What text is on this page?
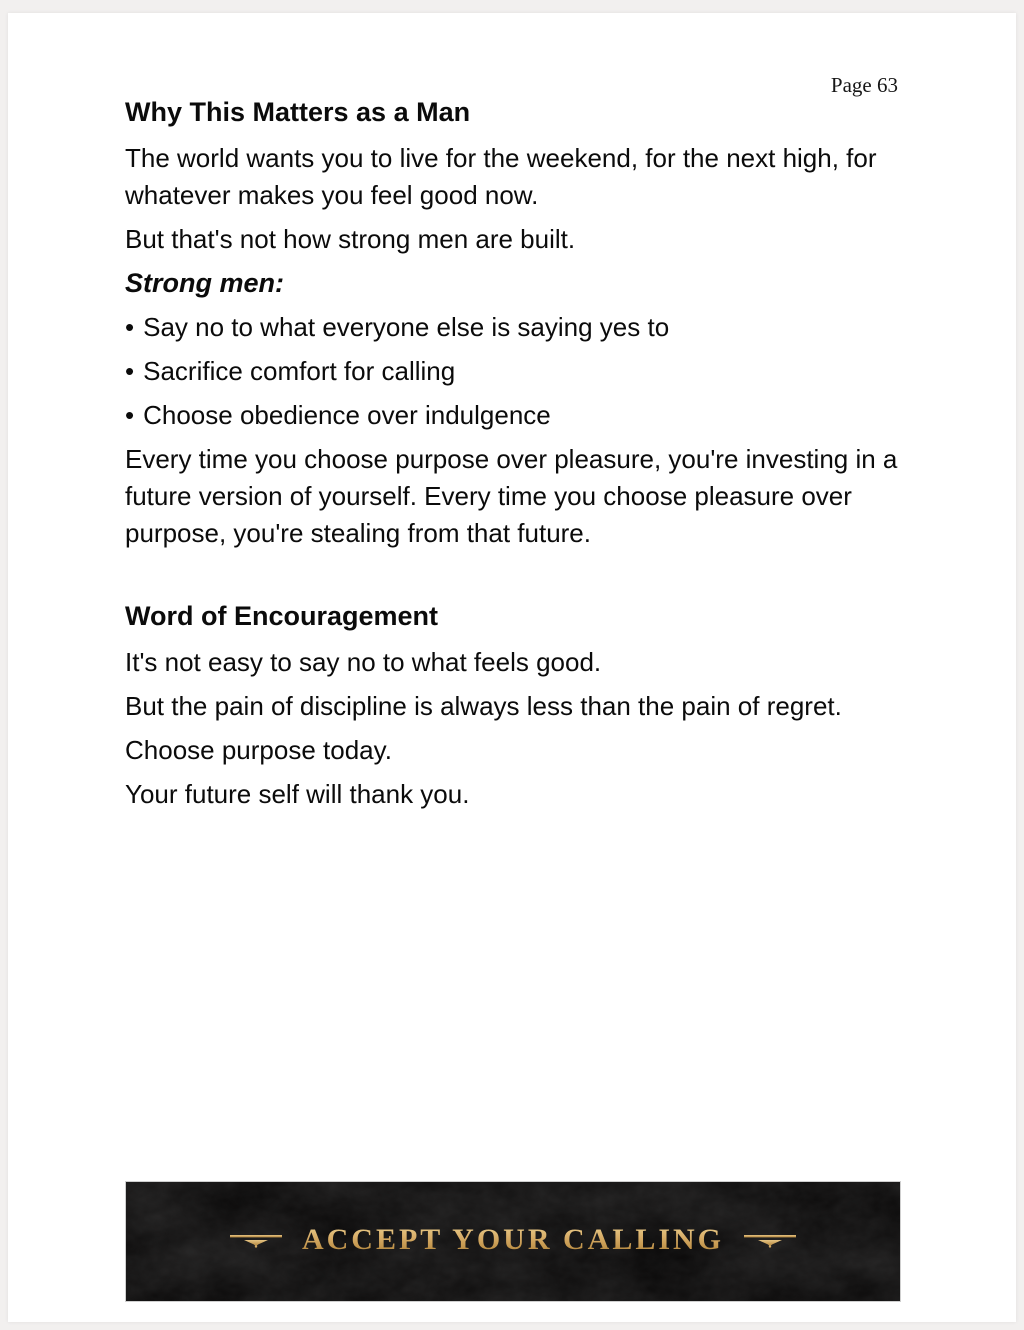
Page 63
Why This Matters as a Man

The world wants you to live for the weekend, for the next high, for whatever makes you feel good now.

But that's not how strong men are built.

Strong men:

• Say no to what everyone else is saying yes to
• Sacrifice comfort for calling
• Choose obedience over indulgence

Every time you choose purpose over pleasure, you're investing in a future version of yourself. Every time you choose pleasure over purpose, you're stealing from that future.

Word of Encouragement

It's not easy to say no to what feels good.

But the pain of discipline is always less than the pain of regret.

Choose purpose today.

Your future self will thank you.

ACCEPT YOUR CALLING
